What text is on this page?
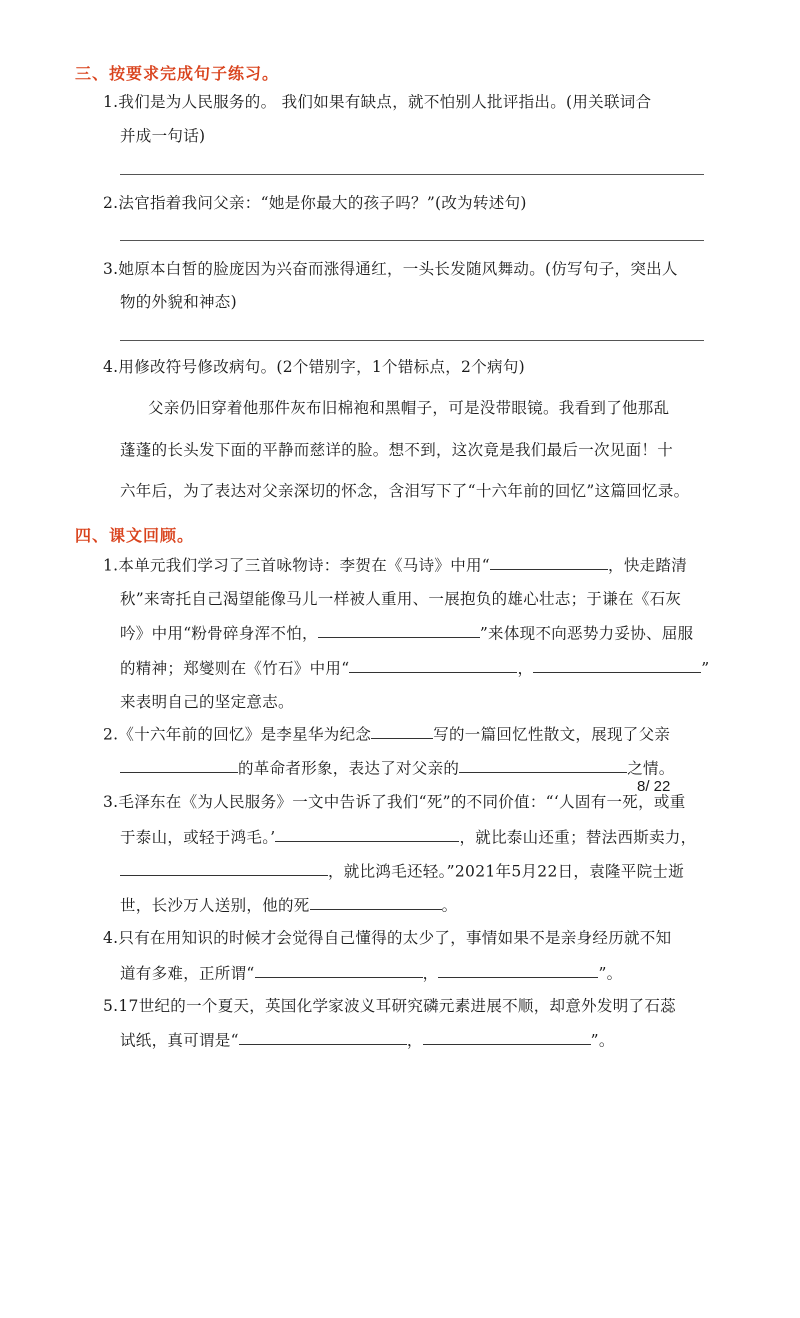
三、按要求完成句子练习。
1.我们是为人民服务的。 我们如果有缺点，就不怕别人批评指出。(用关联词合
并成一句话)
2.法官指着我问父亲：“她是你最大的孩子吗？”(改为转述句)
3.她原本白皙的脸庞因为兴奋而涨得通红，一头长发随风舞动。(仿写句子，突出人
物的外貌和神态)
4.用修改符号修改病句。(2个错别字，1个错标点，2个病句)
父亲仍旧穿着他那件灰布旧棉袍和黑帽子，可是没带眼镜。我看到了他那乱
蓬蓬的长头发下面的平静而慈详的脸。想不到，这次竟是我们最后一次见面！十
六年后，为了表达对父亲深切的怀念，含泪写下了“十六年前的回忆”这篇回忆录。
四、课文回顾。
1.本单元我们学习了三首咏物诗：李贺在《马诗》中用“	，快走踏清
秋”来寄托自己渴望能像马儿一样被人重用、一展抱负的雄心壮志；于谦在《石灰
吟》中用“粉骨碎身浑不怕，	”来体现不向恶势力妥协、屈服
的精神；郑燮则在《竹石》中用“	，	”
来表明自己的坚定意志。
2.《十六年前的回忆》是李星华为纪念	写的一篇回忆性散文，展现了父亲
的革命者形象，表达了对父亲的	之情。
3.毛泽东在《为人民服务》一文中告诉了我们“死”的不同价值：“‘人固有一死，或重
于泰山，或轻于鸿毛。’	，就比泰山还重；替法西斯卖力，
，就比鸿毛还轻。”2021年5月22日，袁隆平院士逝
世，长沙万人送别，他的死	。
4.只有在用知识的时候才会觉得自己懂得的太少了，事情如果不是亲身经历就不知
道有多难，正所谓“	，	”。
5.17世纪的一个夏天，英国化学家波义耳研究磷元素进展不顺，却意外发明了石蕊
试纸，真可谓是“	，	”。
8/ 22
